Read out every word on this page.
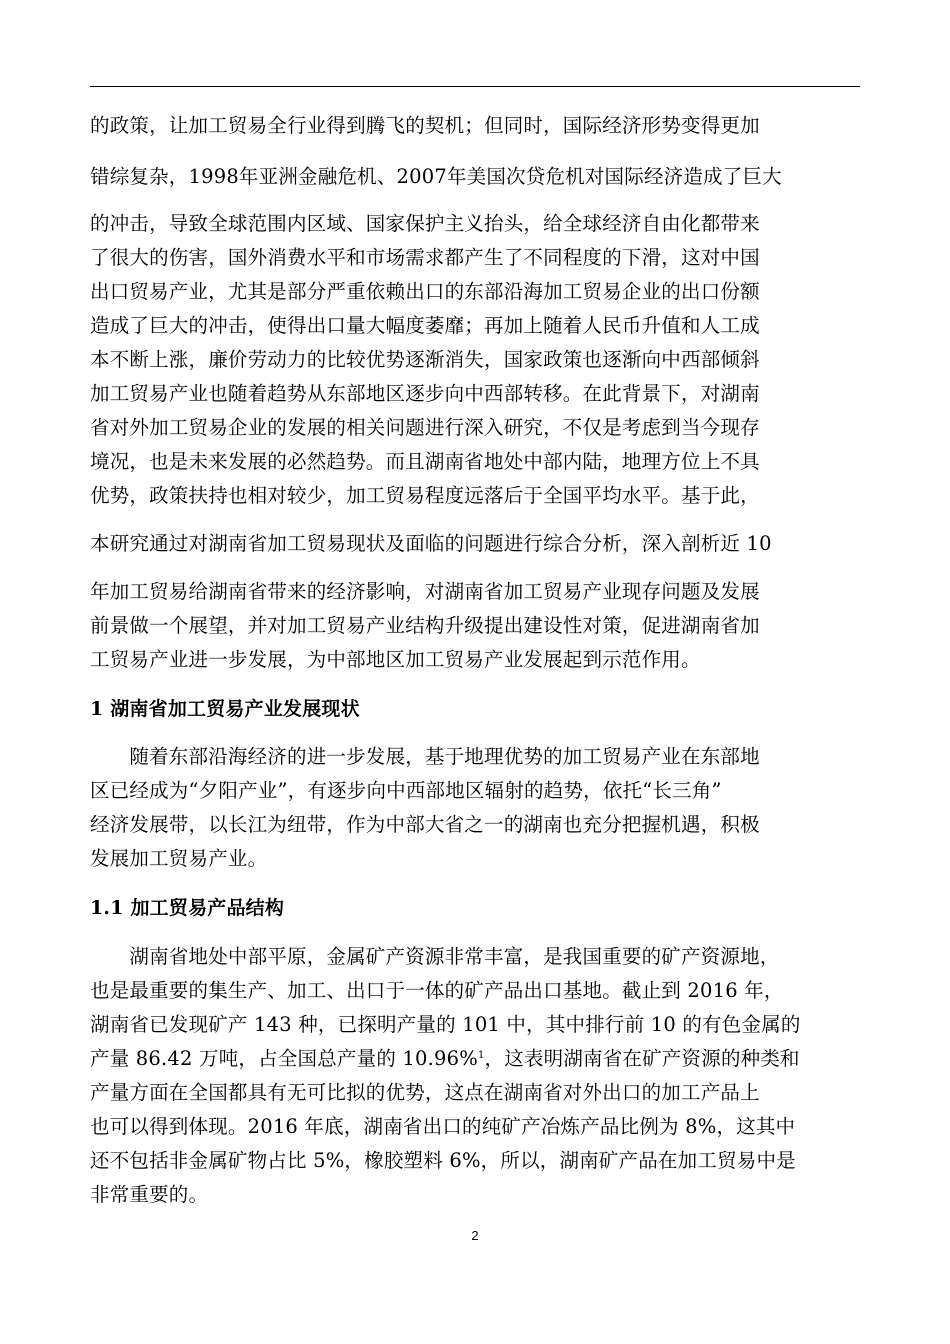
的政策，让加工贸易全行业得到腾飞的契机；但同时，国际经济形势变得更加
错综复杂，1998年亚洲金融危机、2007年美国次贷危机对国际经济造成了巨大
的冲击，导致全球范围内区域、国家保护主义抬头，给全球经济自由化都带来
了很大的伤害，国外消费水平和市场需求都产生了不同程度的下滑，这对中国
出口贸易产业，尤其是部分严重依赖出口的东部沿海加工贸易企业的出口份额
造成了巨大的冲击，使得出口量大幅度萎靡；再加上随着人民币升值和人工成
本不断上涨，廉价劳动力的比较优势逐渐消失，国家政策也逐渐向中西部倾斜
加工贸易产业也随着趋势从东部地区逐步向中西部转移。在此背景下，对湖南
省对外加工贸易企业的发展的相关问题进行深入研究，不仅是考虑到当今现存
境况，也是未来发展的必然趋势。而且湖南省地处中部内陆，地理方位上不具
优势，政策扶持也相对较少，加工贸易程度远落后于全国平均水平。基于此，
本研究通过对湖南省加工贸易现状及面临的问题进行综合分析，深入剖析近 10
年加工贸易给湖南省带来的经济影响，对湖南省加工贸易产业现存问题及发展
前景做一个展望，并对加工贸易产业结构升级提出建设性对策，促进湖南省加
工贸易产业进一步发展，为中部地区加工贸易产业发展起到示范作用。
1 湖南省加工贸易产业发展现状
　　随着东部沿海经济的进一步发展，基于地理优势的加工贸易产业在东部地
区已经成为“夕阳产业”，有逐步向中西部地区辐射的趋势，依托“长三角”
经济发展带，以长江为纽带，作为中部大省之一的湖南也充分把握机遇，积极
发展加工贸易产业。
1.1 加工贸易产品结构
　　湖南省地处中部平原，金属矿产资源非常丰富，是我国重要的矿产资源地，
也是最重要的集生产、加工、出口于一体的矿产品出口基地。截止到 2016 年，
湖南省已发现矿产 143 种，已探明产量的 101 中，其中排行前 10 的有色金属的
产量 86.42 万吨，占全国总产量的 10.96%$^1$，这表明湖南省在矿产资源的种类和
产量方面在全国都具有无可比拟的优势，这点在湖南省对外出口的加工产品上
也可以得到体现。2016 年底，湖南省出口的纯矿产冶炼产品比例为 8%，这其中
还不包括非金属矿物占比 5%，橡胶塑料 6%，所以，湖南矿产品在加工贸易中是
非常重要的。
2
